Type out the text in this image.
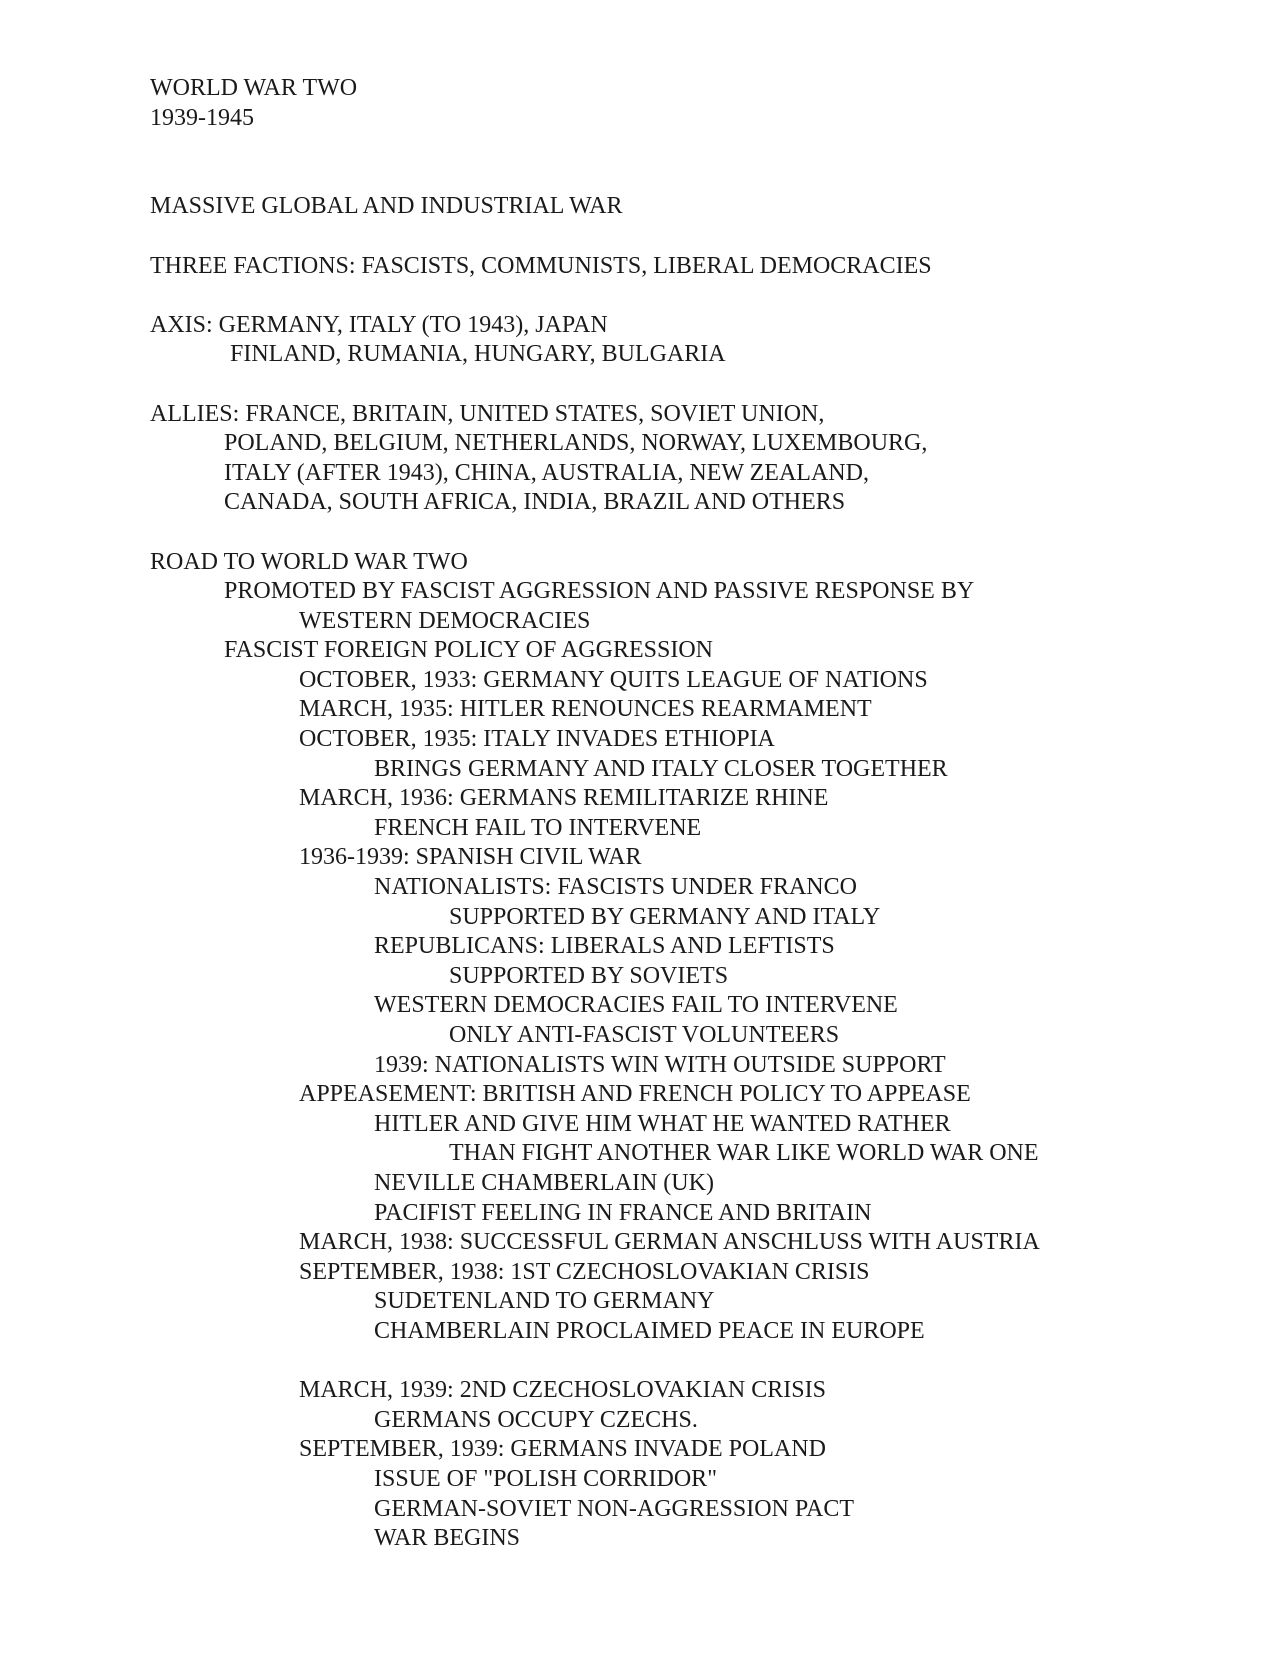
WORLD WAR TWO
1939-1945
MASSIVE GLOBAL AND INDUSTRIAL WAR
THREE FACTIONS: FASCISTS, COMMUNISTS, LIBERAL DEMOCRACIES
AXIS: GERMANY, ITALY (TO 1943), JAPAN
FINLAND, RUMANIA, HUNGARY, BULGARIA
ALLIES: FRANCE, BRITAIN, UNITED STATES, SOVIET UNION,
POLAND, BELGIUM, NETHERLANDS, NORWAY, LUXEMBOURG,
ITALY (AFTER 1943), CHINA, AUSTRALIA, NEW ZEALAND,
CANADA, SOUTH AFRICA, INDIA, BRAZIL AND OTHERS
ROAD TO WORLD WAR TWO
PROMOTED BY FASCIST AGGRESSION AND PASSIVE RESPONSE BY
WESTERN DEMOCRACIES
FASCIST FOREIGN POLICY OF AGGRESSION
OCTOBER, 1933: GERMANY QUITS LEAGUE OF NATIONS
MARCH, 1935: HITLER RENOUNCES REARMAMENT
OCTOBER, 1935: ITALY INVADES ETHIOPIA
BRINGS GERMANY AND ITALY CLOSER TOGETHER
MARCH, 1936: GERMANS REMILITARIZE RHINE
FRENCH FAIL TO INTERVENE
1936-1939: SPANISH CIVIL WAR
NATIONALISTS: FASCISTS UNDER FRANCO
SUPPORTED BY GERMANY AND ITALY
REPUBLICANS: LIBERALS AND LEFTISTS
SUPPORTED BY SOVIETS
WESTERN DEMOCRACIES FAIL TO INTERVENE
ONLY ANTI-FASCIST VOLUNTEERS
1939: NATIONALISTS WIN WITH OUTSIDE SUPPORT
APPEASEMENT: BRITISH AND FRENCH POLICY TO APPEASE
HITLER AND GIVE HIM WHAT HE WANTED RATHER
THAN FIGHT ANOTHER WAR LIKE WORLD WAR ONE
NEVILLE CHAMBERLAIN (UK)
PACIFIST FEELING IN FRANCE AND BRITAIN
MARCH, 1938: SUCCESSFUL GERMAN ANSCHLUSS WITH AUSTRIA
SEPTEMBER, 1938: 1ST CZECHOSLOVAKIAN CRISIS
SUDETENLAND TO GERMANY
CHAMBERLAIN PROCLAIMED PEACE IN EUROPE
MARCH, 1939: 2ND CZECHOSLOVAKIAN CRISIS
GERMANS OCCUPY CZECHS.
SEPTEMBER, 1939: GERMANS INVADE POLAND
ISSUE OF "POLISH CORRIDOR"
GERMAN-SOVIET NON-AGGRESSION PACT
WAR BEGINS
